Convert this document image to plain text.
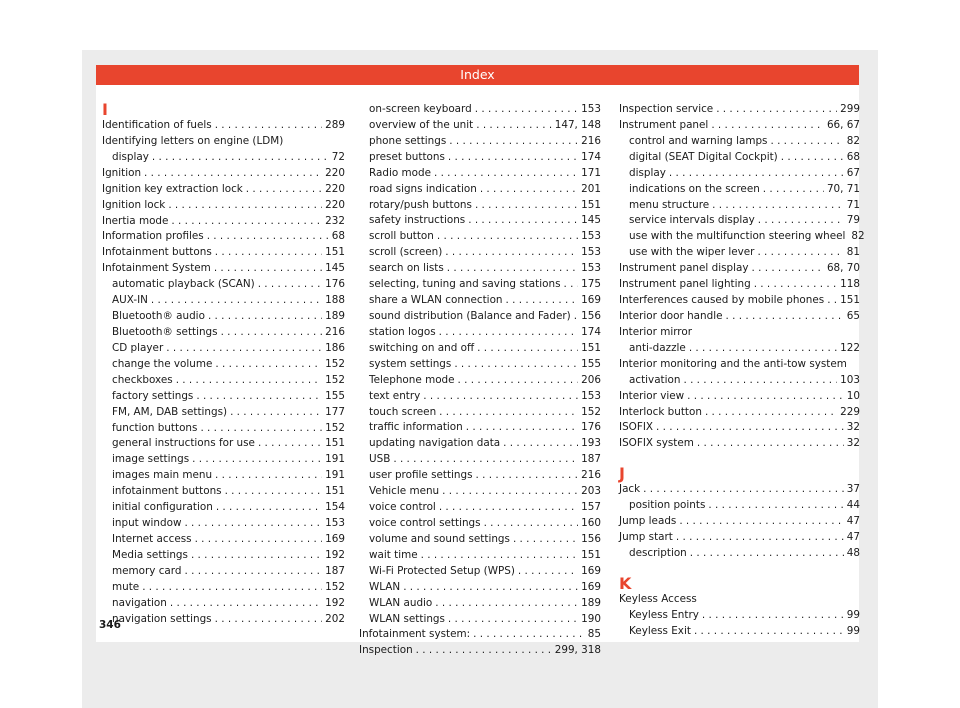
Index
I
Identification of fuels . . .	289
Identifying letters on engine (LDM)
display . . .	72
Ignition . . .	220
Ignition key extraction lock . . .	220
Ignition lock . . .	220
Inertia mode . . .	232
Information profiles . . .	68
Infotainment buttons . . .	151
Infotainment System . . .	145
automatic playback (SCAN) . . .	176
AUX-IN . . .	188
Bluetooth® audio . . .	189
Bluetooth® settings . . .	216
CD player . . .	186
change the volume . . .	152
checkboxes . . .	152
factory settings . . .	155
FM, AM, DAB settings) . . .	177
function buttons . . .	152
general instructions for use . . .	151
image settings . . .	191
images main menu . . .	191
infotainment buttons . . .	151
initial configuration . . .	154
input window . . .	153
Internet access . . .	169
Media settings . . .	192
memory card . . .	187
mute . . .	152
navigation . . .	192
navigation settings . . .	202
on-screen keyboard . . .	153
overview of the unit . . .	147, 148
phone settings . . .	216
preset buttons . . .	174
Radio mode . . .	171
road signs indication . . .	201
rotary/push buttons . . .	151
safety instructions . . .	145
scroll button . . .	153
scroll (screen) . . .	153
search on lists . . .	153
selecting, tuning and saving stations . . . 175
share a WLAN connection . . .	169
sound distribution (Balance and Fader) . . . 156
station logos . . .	174
switching on and off . . .	151
system settings . . .	155
Telephone mode . . .	206
text entry . . .	153
touch screen . . .	152
traffic information . . .	176
updating navigation data . . .	193
USB . . .	187
user profile settings . . .	216
Vehicle menu . . .	203
voice control . . .	157
voice control settings . . .	160
volume and sound settings . . .	156
wait time . . .	151
Wi-Fi Protected Setup (WPS) . . .	169
WLAN . . .	169
WLAN audio . . .	189
WLAN settings . . .	190
Infotainment system: . . .	85
Inspection . . .	299, 318
Inspection service . . .	299
Instrument panel . . .	66, 67
control and warning lamps . . .	82
digital (SEAT Digital Cockpit) . . .	68
display . . .	67
indications on the screen . . .	70, 71
menu structure . . .	71
service intervals display . . .	79
use with the multifunction steering wheel 82
use with the wiper lever . . .	81
Instrument panel display . . .	68, 70
Instrument panel lighting . . .	118
Interferences caused by mobile phones . . . 151
Interior door handle . . .	65
Interior mirror
anti-dazzle . . .	122
Interior monitoring and the anti-tow system
activation . . .	103
Interior view . . .	10
Interlock button . . .	229
ISOFIX . . .	32
ISOFIX system . . .	32
J
Jack . . .	37
position points . . .	44
Jump leads . . .	47
Jump start . . .	47
description . . .	48
K
Keyless Access
Keyless Entry . . .	99
Keyless Exit . . .	99
346
